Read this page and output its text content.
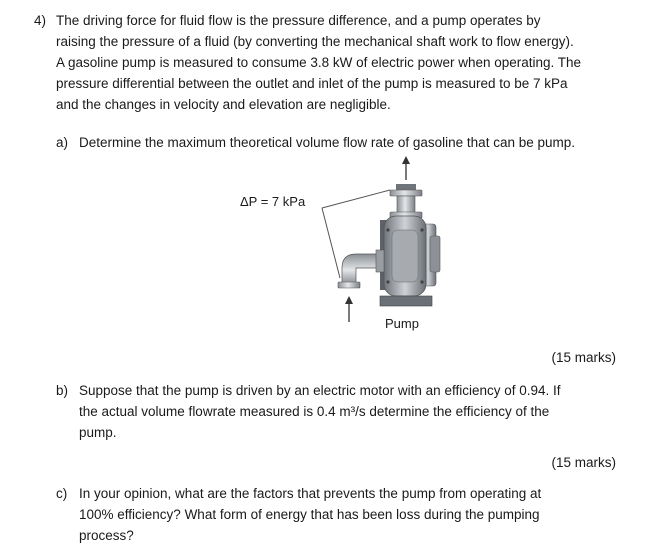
4) The driving force for fluid flow is the pressure difference, and a pump operates by
raising the pressure of a fluid (by converting the mechanical shaft work to flow energy).
A gasoline pump is measured to consume 3.8 kW of electric power when operating. The
pressure differential between the outlet and inlet of the pump is measured to be 7 kPa
and the changes in velocity and elevation are negligible.
a) Determine the maximum theoretical volume flow rate of gasoline that can be pump.
ΔP = 7 kPa
Pump
(15 marks)
b) Suppose that the pump is driven by an electric motor with an efficiency of 0.94. If
the actual volume flowrate measured is 0.4 m³/s determine the efficiency of the
pump.
(15 marks)
c) In your opinion, what are the factors that prevents the pump from operating at
100% efficiency? What form of energy that has been loss during the pumping
process?
